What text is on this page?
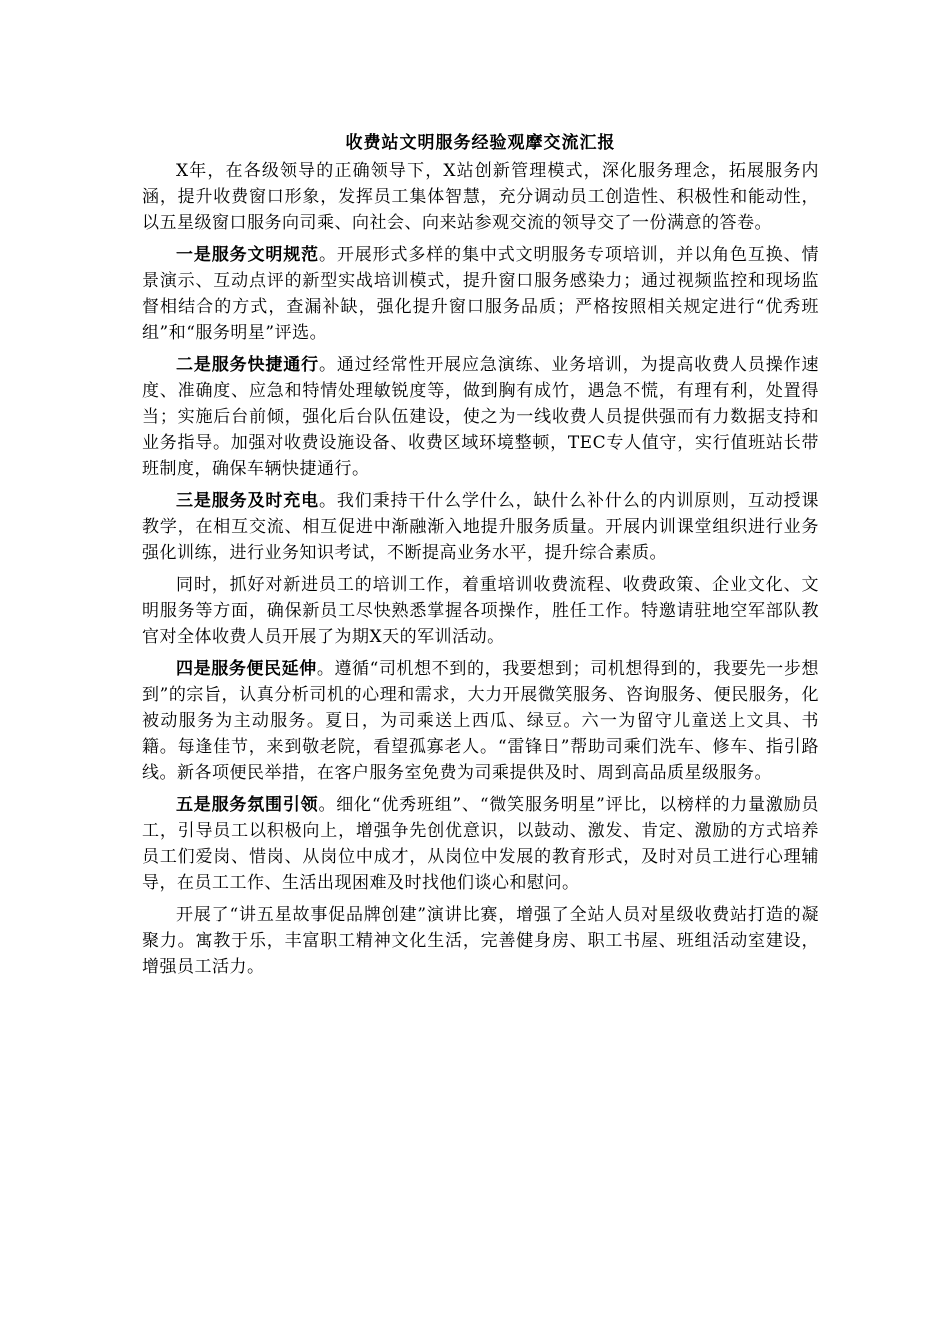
收费站文明服务经验观摩交流汇报

X年，在各级领导的正确领导下，X站创新管理模式，深化服务理念，拓展服务内涵，提升收费窗口形象，发挥员工集体智慧，充分调动员工创造性、积极性和能动性，以五星级窗口服务向司乘、向社会、向来站参观交流的领导交了一份满意的答卷。

一是服务文明规范。开展形式多样的集中式文明服务专项培训，并以角色互换、情景演示、互动点评的新型实战培训模式，提升窗口服务感染力；通过视频监控和现场监督相结合的方式，查漏补缺，强化提升窗口服务品质；严格按照相关规定进行“优秀班组”和“服务明星”评选。

二是服务快捷通行。通过经常性开展应急演练、业务培训，为提高收费人员操作速度、准确度、应急和特情处理敏锐度等，做到胸有成竹，遇急不慌，有理有利，处置得当；实施后台前倾，强化后台队伍建设，使之为一线收费人员提供强而有力数据支持和业务指导。加强对收费设施设备、收费区域环境整顿，TEC专人值守，实行值班站长带班制度，确保车辆快捷通行。

三是服务及时充电。我们秉持干什么学什么，缺什么补什么的内训原则，互动授课教学，在相互交流、相互促进中渐融渐入地提升服务质量。开展内训课堂组织进行业务强化训练，进行业务知识考试，不断提高业务水平，提升综合素质。

同时，抓好对新进员工的培训工作，着重培训收费流程、收费政策、企业文化、文明服务等方面，确保新员工尽快熟悉掌握各项操作，胜任工作。特邀请驻地空军部队教官对全体收费人员开展了为期X天的军训活动。

四是服务便民延伸。遵循“司机想不到的，我要想到；司机想得到的，我要先一步想到”的宗旨，认真分析司机的心理和需求，大力开展微笑服务、咨询服务、便民服务，化被动服务为主动服务。夏日，为司乘送上西瓜、绿豆。六一为留守儿童送上文具、书籍。每逢佳节，来到敬老院，看望孤寡老人。“雷锋日”帮助司乘们洗车、修车、指引路线。新各项便民举措，在客户服务室免费为司乘提供及时、周到高品质星级服务。

五是服务氛围引领。细化“优秀班组”、“微笑服务明星”评比，以榜样的力量激励员工，引导员工以积极向上，增强争先创优意识，以鼓动、激发、肯定、激励的方式培养员工们爱岗、惜岗、从岗位中成才，从岗位中发展的教育形式，及时对员工进行心理辅导，在员工工作、生活出现困难及时找他们谈心和慰问。

开展了“讲五星故事促品牌创建”演讲比赛，增强了全站人员对星级收费站打造的凝聚力。寓教于乐，丰富职工精神文化生活，完善健身房、职工书屋、班组活动室建设，增强员工活力。
